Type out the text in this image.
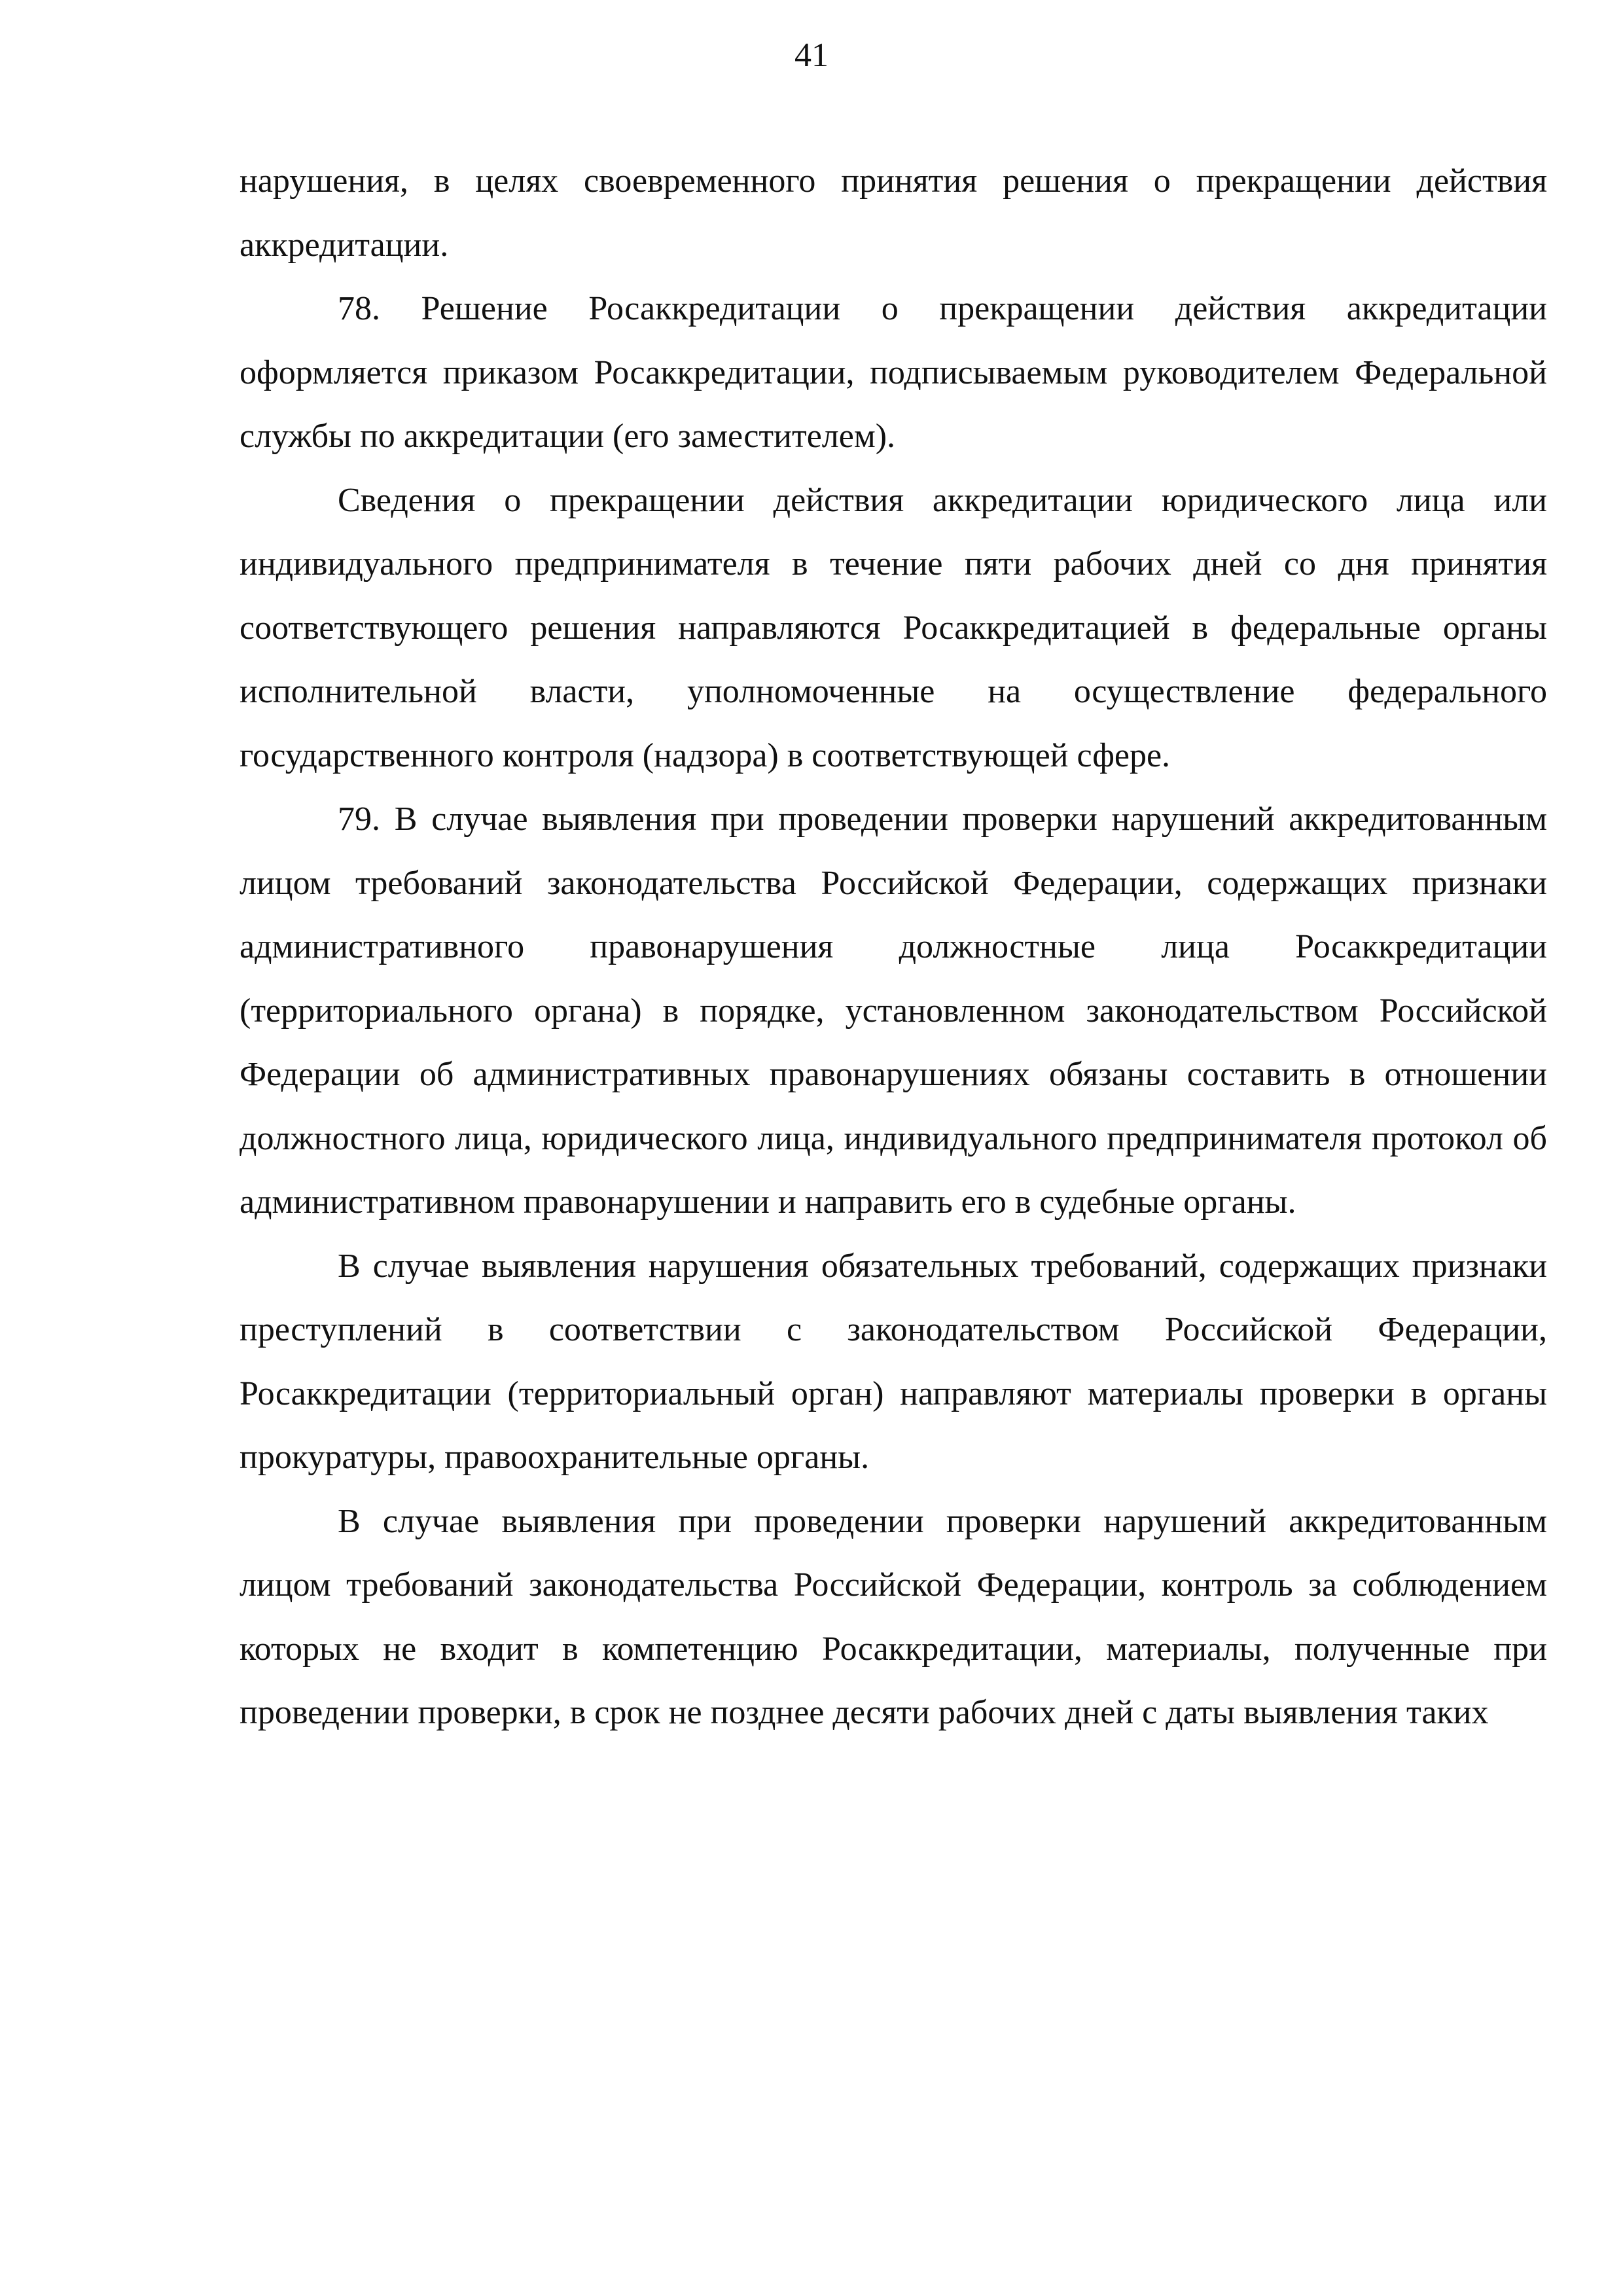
41

нарушения, в целях своевременного принятия решения о прекращении действия аккредитации.

78. Решение Росаккредитации о прекращении действия аккредитации оформляется приказом Росаккредитации, подписываемым руководителем Федеральной службы по аккредитации (его заместителем).

Сведения о прекращении действия аккредитации юридического лица или индивидуального предпринимателя в течение пяти рабочих дней со дня принятия соответствующего решения направляются Росаккредитацией в федеральные органы исполнительной власти, уполномоченные на осуществление федерального государственного контроля (надзора) в соответствующей сфере.

79. В случае выявления при проведении проверки нарушений аккредитованным лицом требований законодательства Российской Федерации, содержащих признаки административного правонарушения должностные лица Росаккредитации (территориального органа) в порядке, установленном законодательством Российской Федерации об административных правонарушениях обязаны составить в отношении должностного лица, юридического лица, индивидуального предпринимателя протокол об административном правонарушении и направить его в судебные органы.

В случае выявления нарушения обязательных требований, содержащих признаки преступлений в соответствии с законодательством Российской Федерации, Росаккредитации (территориальный орган) направляют материалы проверки в органы прокуратуры, правоохранительные органы.

В случае выявления при проведении проверки нарушений аккредитованным лицом требований законодательства Российской Федерации, контроль за соблюдением которых не входит в компетенцию Росаккредитации, материалы, полученные при проведении проверки, в срок не позднее десяти рабочих дней с даты выявления таких
